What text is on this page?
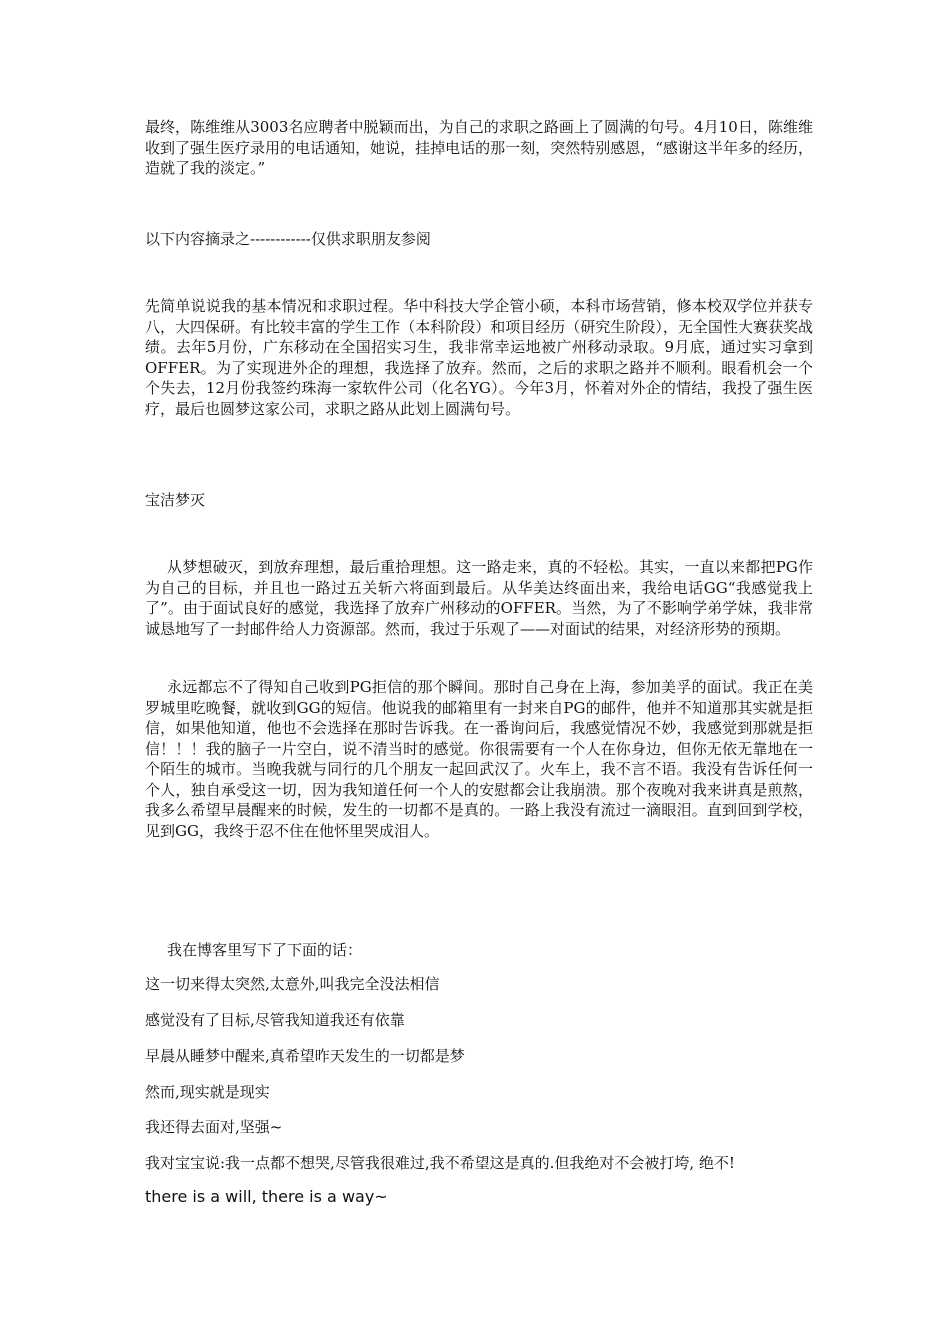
最终，陈维维从3003名应聘者中脱颖而出，为自己的求职之路画上了圆满的句号。4月10日，陈维维收到了强生医疗录用的电话通知，她说，挂掉电话的那一刻，突然特别感恩，“感谢这半年多的经历，造就了我的淡定。”

以下内容摘录之------------仅供求职朋友参阅

先简单说说我的基本情况和求职过程。华中科技大学企管小硕，本科市场营销，修本校双学位并获专八，大四保研。有比较丰富的学生工作（本科阶段）和项目经历（研究生阶段），无全国性大赛获奖战绩。去年5月份，广东移动在全国招实习生，我非常幸运地被广州移动录取。9月底，通过实习拿到OFFER。为了实现进外企的理想，我选择了放弃。然而，之后的求职之路并不顺利。眼看机会一个个失去，12月份我签约珠海一家软件公司（化名YG）。今年3月，怀着对外企的情结，我投了强生医疗，最后也圆梦这家公司，求职之路从此划上圆满句号。

宝洁梦灭

从梦想破灭，到放弃理想，最后重拾理想。这一路走来，真的不轻松。其实，一直以来都把PG作为自己的目标，并且也一路过五关斩六将面到最后。从华美达终面出来，我给电话GG“我感觉我上了”。由于面试良好的感觉，我选择了放弃广州移动的OFFER。当然，为了不影响学弟学妹，我非常诚恳地写了一封邮件给人力资源部。然而，我过于乐观了——对面试的结果，对经济形势的预期。

永远都忘不了得知自己收到PG拒信的那个瞬间。那时自己身在上海，参加美孚的面试。我正在美罗城里吃晚餐，就收到GG的短信。他说我的邮箱里有一封来自PG的邮件，他并不知道那其实就是拒信，如果他知道，他也不会选择在那时告诉我。在一番询问后，我感觉情况不妙，我感觉到那就是拒信！！！我的脑子一片空白，说不清当时的感觉。你很需要有一个人在你身边，但你无依无靠地在一个陌生的城市。当晚我就与同行的几个朋友一起回武汉了。火车上，我不言不语。我没有告诉任何一个人，独自承受这一切，因为我知道任何一个人的安慰都会让我崩溃。那个夜晚对我来讲真是煎熬，我多么希望早晨醒来的时候，发生的一切都不是真的。一路上我没有流过一滴眼泪。直到回到学校，见到GG，我终于忍不住在他怀里哭成泪人。

我在博客里写下了下面的话：

这一切来得太突然,太意外,叫我完全没法相信

感觉没有了目标,尽管我知道我还有依靠

早晨从睡梦中醒来,真希望昨天发生的一切都是梦

然而,现实就是现实

我还得去面对,坚强~

我对宝宝说:我一点都不想哭,尽管我很难过,我不希望这是真的.但我绝对不会被打垮, 绝不!

there is a will, there is a way~
